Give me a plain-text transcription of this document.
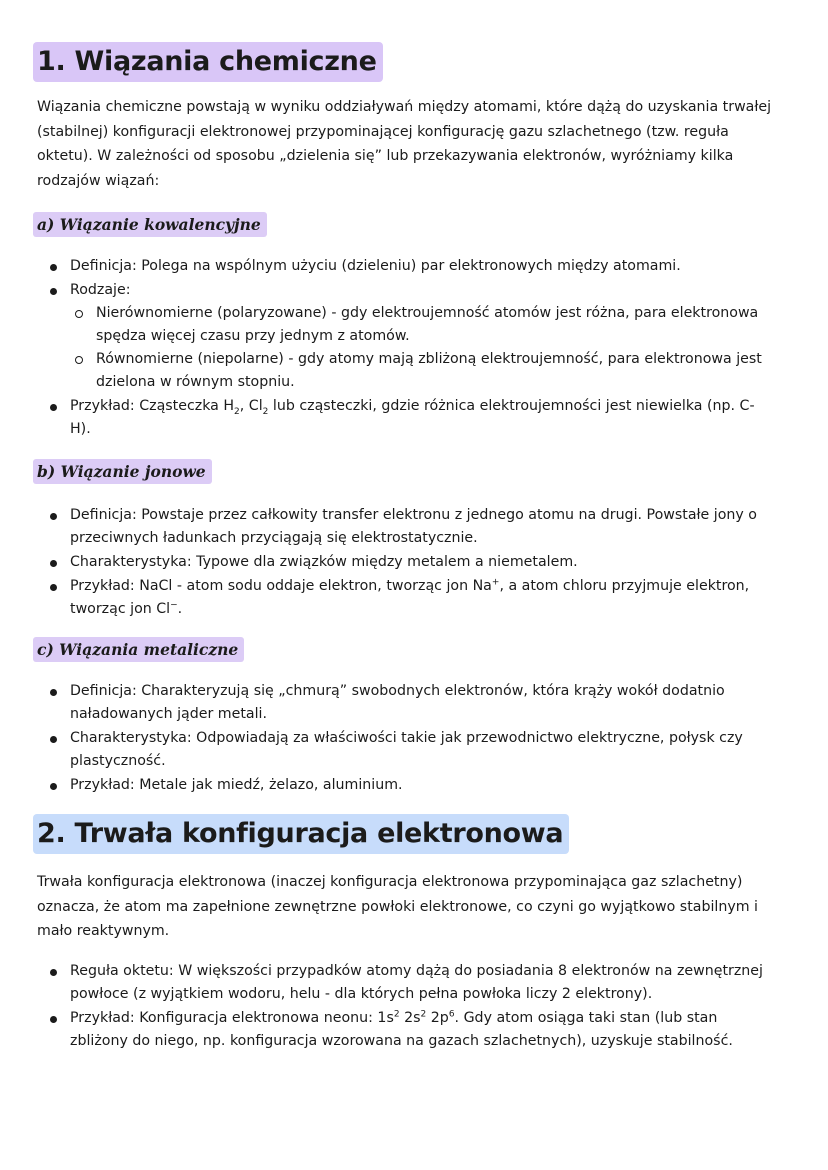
1. Wiązania chemiczne

Wiązania chemiczne powstają w wyniku oddziaływań między atomami, które dążą do uzyskania trwałej (stabilnej) konfiguracji elektronowej przypominającej konfigurację gazu szlachetnego (tzw. reguła oktetu). W zależności od sposobu „dzielenia się” lub przekazywania elektronów, wyróżniamy kilka rodzajów wiązań:

a) Wiązanie kowalencyjne
Definicja: Polega na wspólnym użyciu (dzieleniu) par elektronowych między atomami.
Rodzaje:
Nierównomierne (polaryzowane) - gdy elektroujemność atomów jest różna, para elektronowa spędza więcej czasu przy jednym z atomów.
Równomierne (niepolarne) - gdy atomy mają zbliżoną elektroujemność, para elektronowa jest dzielona w równym stopniu.
Przykład: Cząsteczka $H_2$, $Cl_2$ lub cząsteczki, gdzie różnica elektroujemności jest niewielka (np. C-H).
b) Wiązanie jonowe
Definicja: Powstaje przez całkowity transfer elektronu z jednego atomu na drugi. Powstałe jony o przeciwnych ładunkach przyciągają się elektrostatycznie.
Charakterystyka: Typowe dla związków między metalem a niemetalem.
Przykład: NaCl - atom sodu oddaje elektron, tworząc jon Na+, a atom chloru przyjmuje elektron, tworząc jon Cl−.
c) Wiązania metaliczne
Definicja: Charakteryzują się „chmurą” swobodnych elektronów, która krąży wokół dodatnio naładowanych jąder metali.
Charakterystyka: Odpowiadają za właściwości takie jak przewodnictwo elektryczne, połysk czy plastyczność.
Przykład: Metale jak miedź, żelazo, aluminium.
2. Trwała konfiguracja elektronowa

Trwała konfiguracja elektronowa (inaczej konfiguracja elektronowa przypominająca gaz szlachetny) oznacza, że atom ma zapełnione zewnętrzne powłoki elektronowe, co czyni go wyjątkowo stabilnym i mało reaktywnym.

Reguła oktetu: W większości przypadków atomy dążą do posiadania 8 elektronów na zewnętrznej powłoce (z wyjątkiem wodoru, helu - dla których pełna powłoka liczy 2 elektrony).
Przykład: Konfiguracja elektronowa neonu: $1s^2$ $2s^2$ $2p^6$. Gdy atom osiąga taki stan (lub stan zbliżony do niego, np. konfiguracja wzorowana na gazach szlachetnych), uzyskuje stabilność.
